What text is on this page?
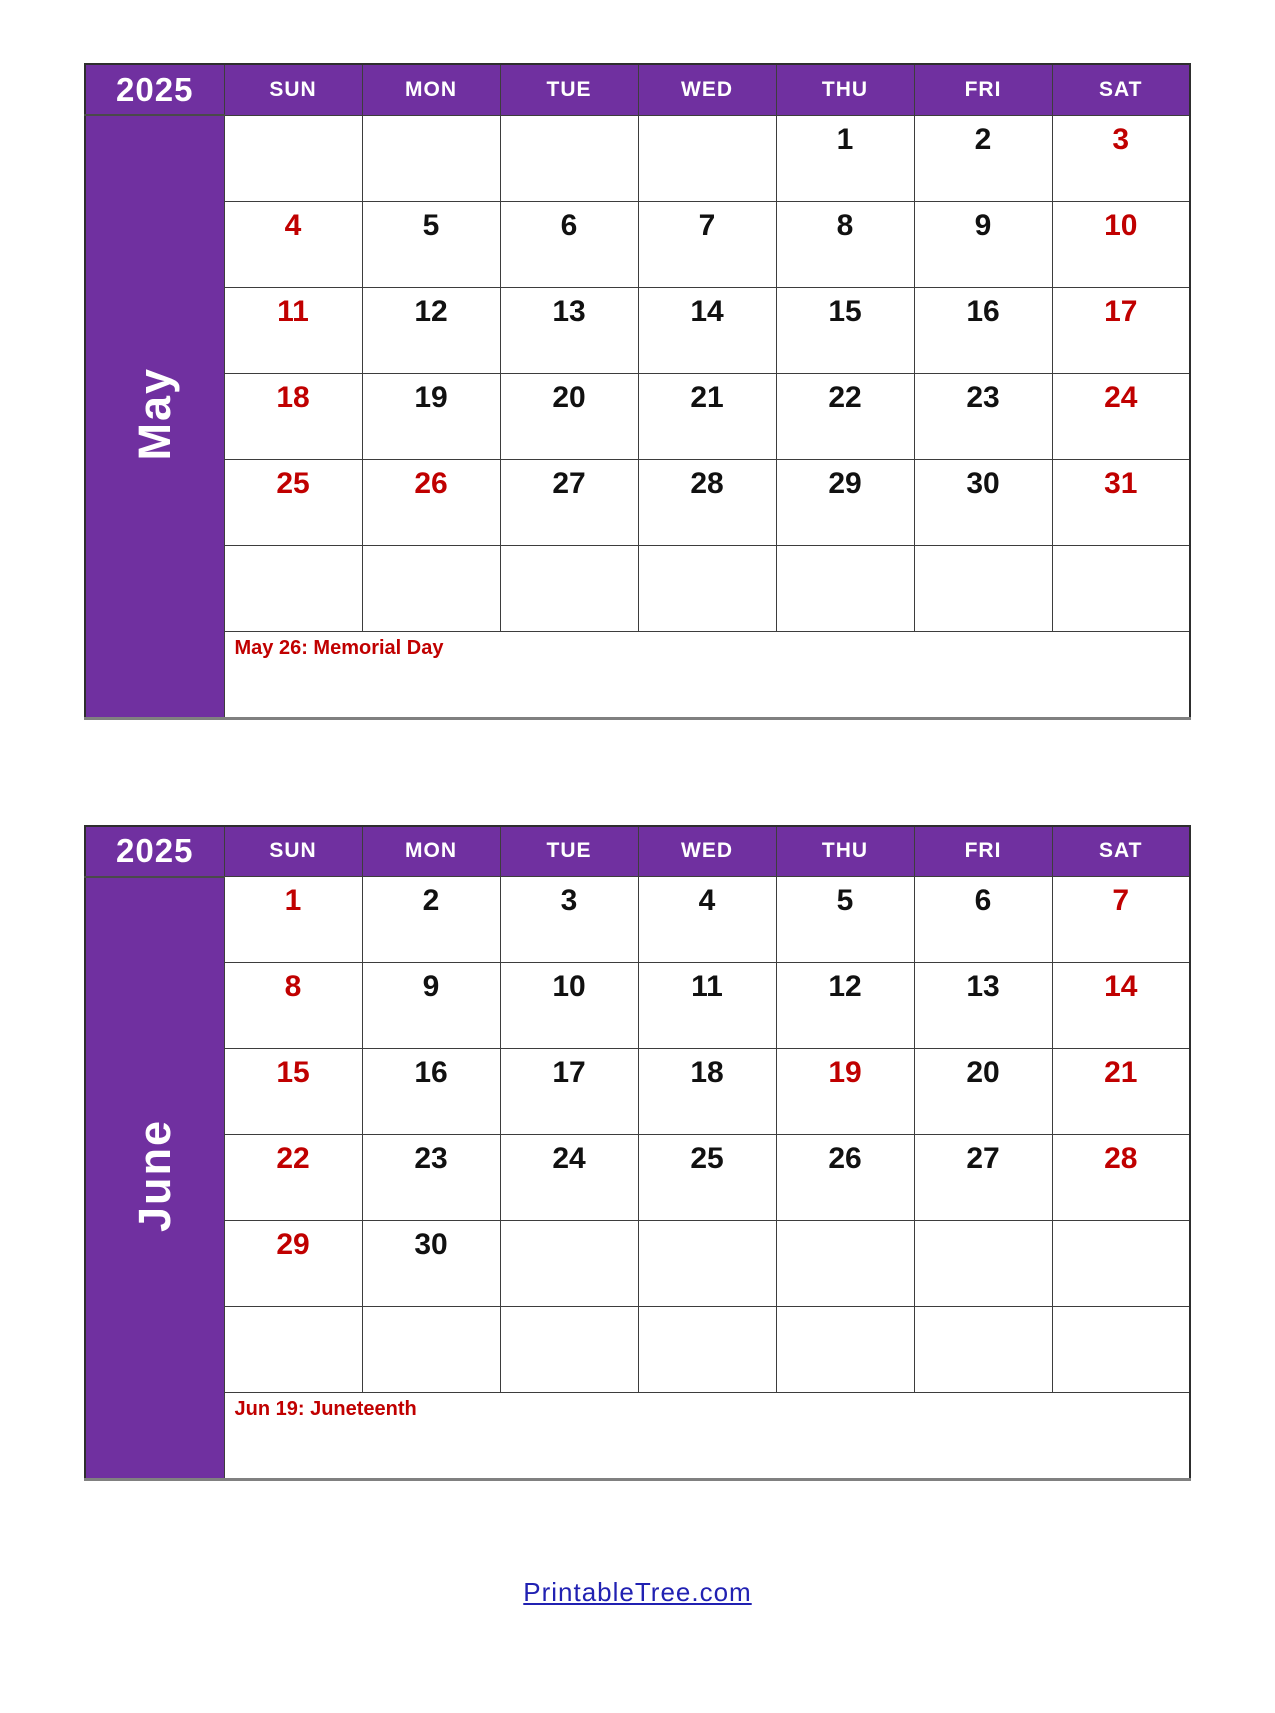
2025	SUN	MON	TUE	WED	THU	FRI	SAT
May					1	2	3
	4	5	6	7	8	9	10
	11	12	13	14	15	16	17
	18	19	20	21	22	23	24
	25	26	27	28	29	30	31

	May 26: Memorial Day						
2025	SUN	MON	TUE	WED	THU	FRI	SAT
June	1	2	3	4	5	6	7
	8	9	10	11	12	13	14
	15	16	17	18	19	20	21
	22	23	24	25	26	27	28
	29	30					

	Jun 19: Juneteenth						
PrintableTree.com
